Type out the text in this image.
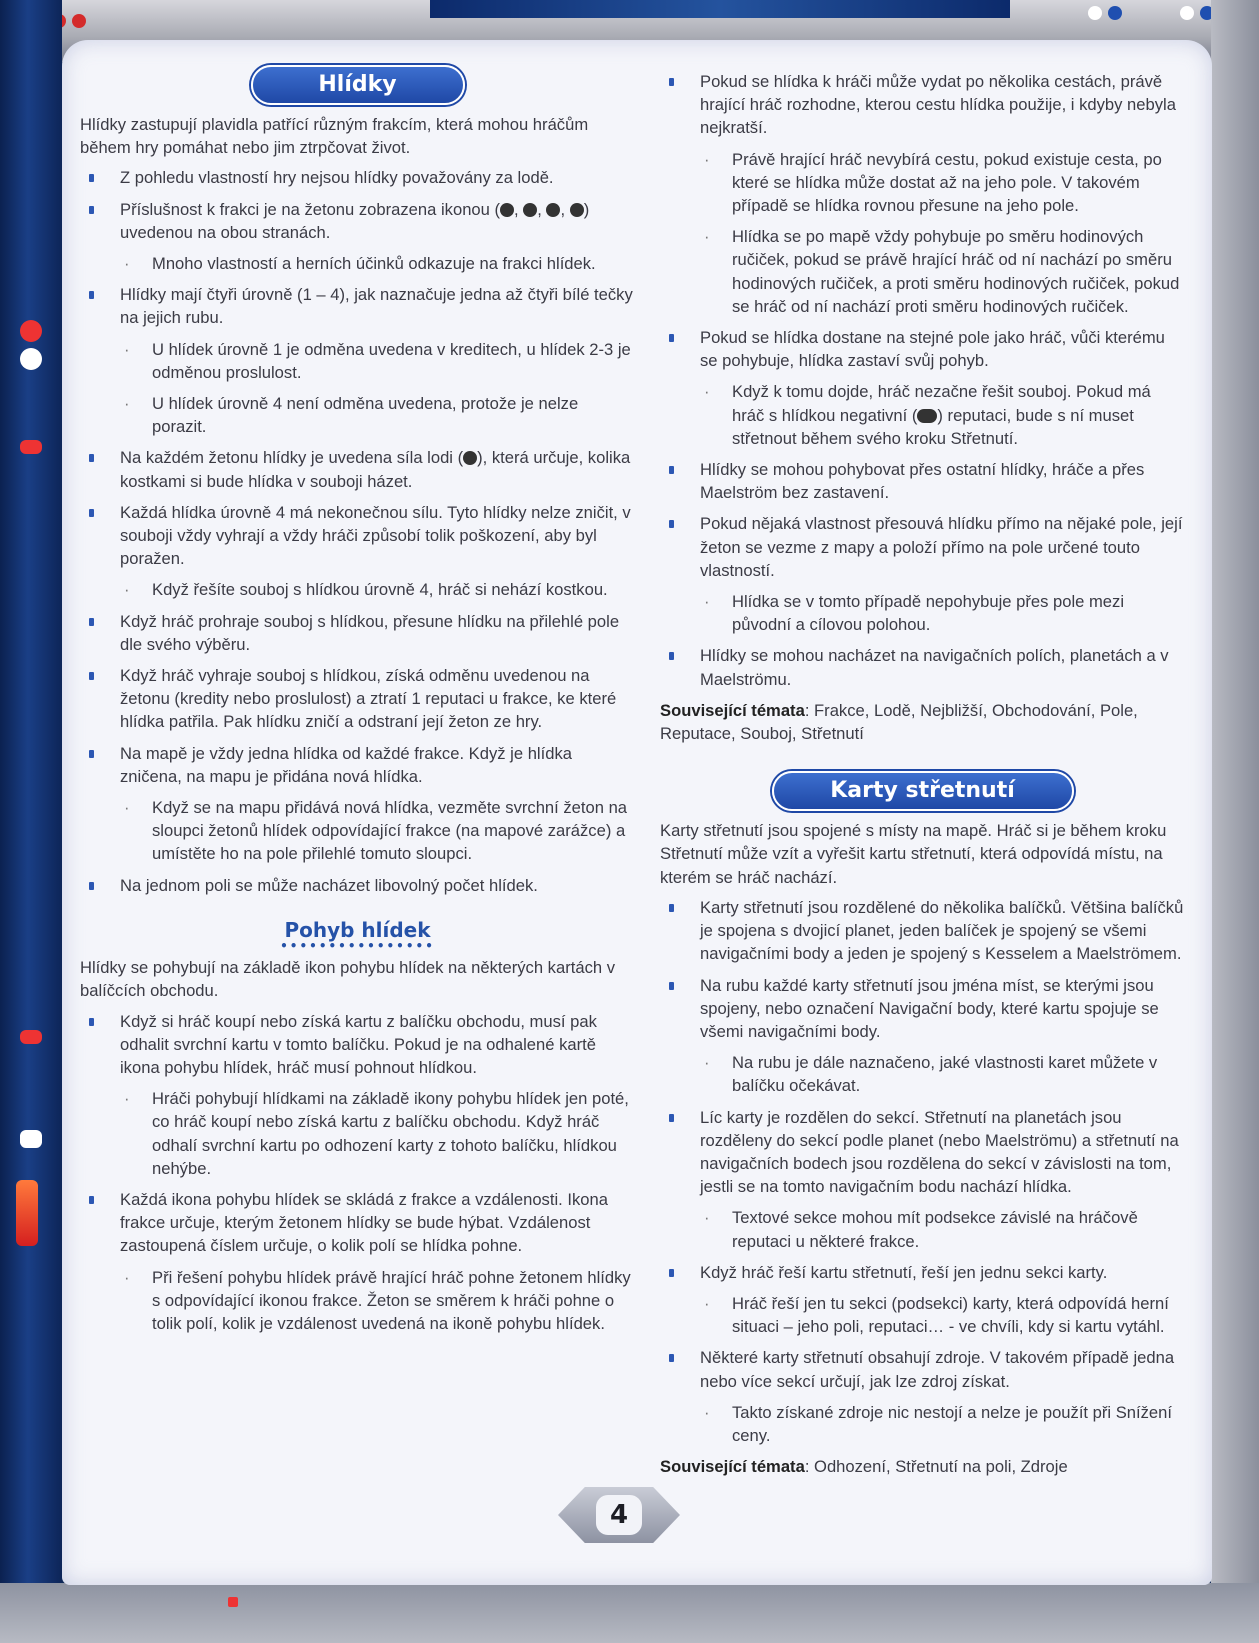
Hlídky

Hlídky zastupují plavidla patřící různým frakcím, která mohou hráčům během hry pomáhat nebo jim ztrpčovat život.

Z pohledu vlastností hry nejsou hlídky považovány za lodě.
Příslušnost k frakci je na žetonu zobrazena ikonou ( , , , ) uvedenou na obou stranách.
· Mnoho vlastností a herních účinků odkazuje na frakci hlídek.
Hlídky mají čtyři úrovně (1 – 4), jak naznačuje jedna až čtyři bílé tečky na jejich rubu.
· U hlídek úrovně 1 je odměna uvedena v kreditech, u hlídek 2-3 je odměnou proslulost.
· U hlídek úrovně 4 není odměna uvedena, protože je nelze porazit.
Na každém žetonu hlídky je uvedena síla lodi ( ), která určuje, kolika kostkami si bude hlídka v souboji házet.
Každá hlídka úrovně 4 má nekonečnou sílu. Tyto hlídky nelze zničit, v souboji vždy vyhrají a vždy hráči způsobí tolik poškození, aby byl poražen.
· Když řešíte souboj s hlídkou úrovně 4, hráč si nehází kostkou.
Když hráč prohraje souboj s hlídkou, přesune hlídku na přilehlé pole dle svého výběru.
Když hráč vyhraje souboj s hlídkou, získá odměnu uvedenou na žetonu (kredity nebo proslulost) a ztratí 1 reputaci u frakce, ke které hlídka patřila. Pak hlídku zničí a odstraní její žeton ze hry.
Na mapě je vždy jedna hlídka od každé frakce. Když je hlídka zničena, na mapu je přidána nová hlídka.
· Když se na mapu přidává nová hlídka, vezměte svrchní žeton na sloupci žetonů hlídek odpovídající frakce (na mapové zarážce) a umístěte ho na pole přilehlé tomuto sloupci.
Na jednom poli se může nacházet libovolný počet hlídek.
Pohyb hlídek
••••••••••••••••

Hlídky se pohybují na základě ikon pohybu hlídek na některých kartách v balíčcích obchodu.

Když si hráč koupí nebo získá kartu z balíčku obchodu, musí pak odhalit svrchní kartu v tomto balíčku. Pokud je na odhalené kartě ikona pohybu hlídek, hráč musí pohnout hlídkou.
· Hráči pohybují hlídkami na základě ikony pohybu hlídek jen poté, co hráč koupí nebo získá kartu z balíčku obchodu. Když hráč odhalí svrchní kartu po odhození karty z tohoto balíčku, hlídkou nehýbe.
Každá ikona pohybu hlídek se skládá z frakce a vzdálenosti. Ikona frakce určuje, kterým žetonem hlídky se bude hýbat. Vzdálenost zastoupená číslem určuje, o kolik polí se hlídka pohne.
· Při řešení pohybu hlídek právě hrající hráč pohne žetonem hlídky s odpovídající ikonou frakce. Žeton se směrem k hráči pohne o tolik polí, kolik je vzdálenost uvedená na ikoně pohybu hlídek.
Pokud se hlídka k hráči může vydat po několika cestách, právě hrající hráč rozhodne, kterou cestu hlídka použije, i kdyby nebyla nejkratší.
· Právě hrající hráč nevybírá cestu, pokud existuje cesta, po které se hlídka může dostat až na jeho pole. V takovém případě se hlídka rovnou přesune na jeho pole.
· Hlídka se po mapě vždy pohybuje po směru hodinových ručiček, pokud se právě hrající hráč od ní nachází po směru hodinových ručiček, a proti směru hodinových ručiček, pokud se hráč od ní nachází proti směru hodinových ručiček.
Pokud se hlídka dostane na stejné pole jako hráč, vůči kterému se pohybuje, hlídka zastaví svůj pohyb.
· Když k tomu dojde, hráč nezačne řešit souboj. Pokud má hráč s hlídkou negativní ( ) reputaci, bude s ní muset střetnout během svého kroku Střetnutí.
Hlídky se mohou pohybovat přes ostatní hlídky, hráče a přes Maelström bez zastavení.
Pokud nějaká vlastnost přesouvá hlídku přímo na nějaké pole, její žeton se vezme z mapy a položí přímo na pole určené touto vlastností.
· Hlídka se v tomto případě nepohybuje přes pole mezi původní a cílovou polohou.
Hlídky se mohou nacházet na navigačních polích, planetách a v Maelströmu.

Související témata: Frakce, Lodě, Nejbližší, Obchodování, Pole, Reputace, Souboj, Střetnutí

Karty střetnutí

Karty střetnutí jsou spojené s místy na mapě. Hráč si je během kroku Střetnutí může vzít a vyřešit kartu střetnutí, která odpovídá místu, na kterém se hráč nachází.

Karty střetnutí jsou rozdělené do několika balíčků. Většina balíčků je spojena s dvojicí planet, jeden balíček je spojený se všemi navigačními body a jeden je spojený s Kesselem a Maelströmem.
Na rubu každé karty střetnutí jsou jména míst, se kterými jsou spojeny, nebo označení Navigační body, které kartu spojuje se všemi navigačními body.
· Na rubu je dále naznačeno, jaké vlastnosti karet můžete v balíčku očekávat.
Líc karty je rozdělen do sekcí. Střetnutí na planetách jsou rozděleny do sekcí podle planet (nebo Maelströmu) a střetnutí na navigačních bodech jsou rozdělena do sekcí v závislosti na tom, jestli se na tomto navigačním bodu nachází hlídka.
· Textové sekce mohou mít podsekce závislé na hráčově reputaci u některé frakce.
Když hráč řeší kartu střetnutí, řeší jen jednu sekci karty.
· Hráč řeší jen tu sekci (podsekci) karty, která odpovídá herní situaci – jeho poli, reputaci… - ve chvíli, kdy si kartu vytáhl.
Některé karty střetnutí obsahují zdroje. V takovém případě jedna nebo více sekcí určují, jak lze zdroj získat.
· Takto získané zdroje nic nestojí a nelze je použít při Snížení ceny.

Související témata: Odhození, Střetnutí na poli, Zdroje

4
